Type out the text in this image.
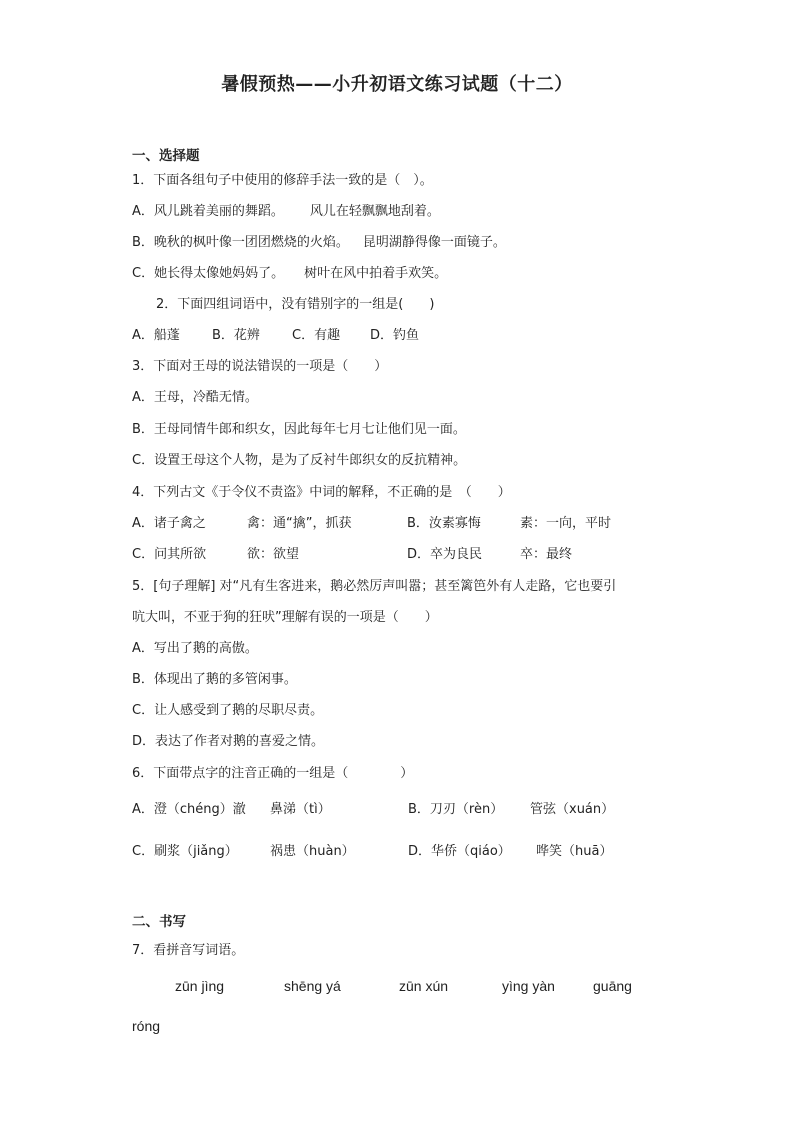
暑假预热——小升初语文练习试题（十二）
一、选择题
1．下面各组句子中使用的修辞手法一致的是（　）。
A．风儿跳着美丽的舞蹈。 风儿在轻飘飘地刮着。
B．晚秋的枫叶像一团团燃烧的火焰。 昆明湖静得像一面镜子。
C．她长得太像她妈妈了。 树叶在风中拍着手欢笑。
2．下面四组词语中，没有错别字的一组是(　　)
A．船蓬 B．花辨 C．有趣 D．钓鱼
3．下面对王母的说法错误的一项是（　　）
A．王母，冷酷无情。
B．王母同情牛郎和织女，因此每年七月七让他们见一面。
C．设置王母这个人物，是为了反衬牛郎织女的反抗精神。
4．下列古文《于令仪不责盗》中词的解释，不正确的是　（　　）
A．诸子禽之	禽：通“擒”，抓获	B．汝素寡悔	素：一向，平时
C．问其所欲	欲：欲望	D．卒为良民	卒：最终
5．[句子理解] 对“凡有生客进来，鹅必然厉声叫嚣；甚至篱笆外有人走路，它也要引
吭大叫，不亚于狗的狂吠”理解有误的一项是（　　）
A．写出了鹅的高傲。
B．体现出了鹅的多管闲事。
C．让人感受到了鹅的尽职尽责。
D．表达了作者对鹅的喜爱之情。
6．下面带点字的注音正确的一组是（　　　　）
A．澄（chéng）澈 鼻涕（tì）	B．刀刃（rèn） 管弦（xuán）
C．刷浆（jiǎng） 祸患（huàn）	D．华侨（qiáo） 哗笑（huā）
二、书写
7．看拼音写词语。
zūn jìng	shēng yá	zūn xún	yìng yàn	guāng
róng
